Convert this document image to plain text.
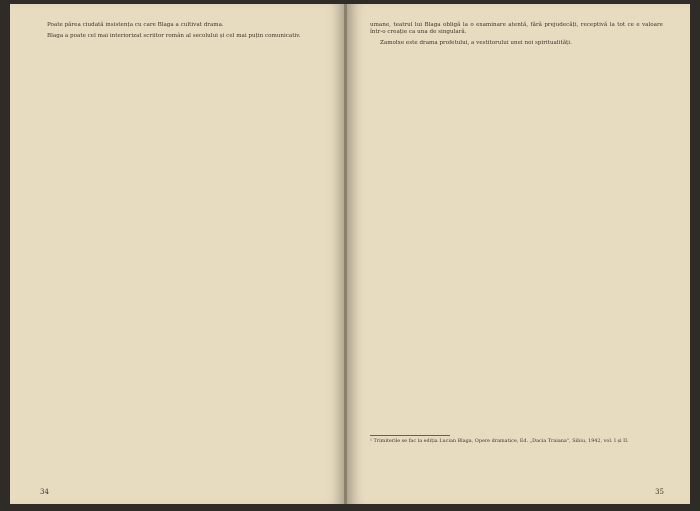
Poate părea ciudată insistența cu care Blaga a cultivat drama.

Blaga a poate cel mai interiorizat scriitor român al secolului și cel mai puțin comunicativ.

34

umane, teatrul lui Blaga obligă la o examinare atentă, fără prejudecăți, receptivă la tot ce e valoare într-o creație ca una de singulară.

Zamolxe este drama profetului, a vestitorului unei noi spiritualități.

¹ Trimiterile se fac la ediția Lucian Blaga, Opere dramatice, Ed. „Dacia Traiana", Sibiu, 1942, vol. I și II.
35
